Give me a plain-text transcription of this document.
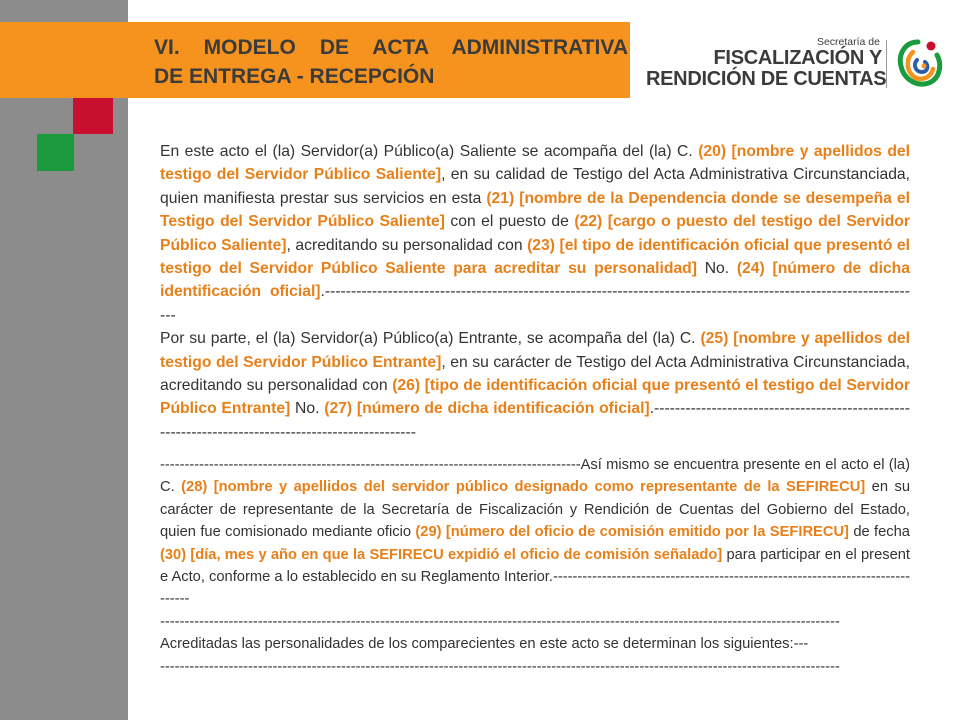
VI. MODELO DE ACTA ADMINISTRATIVA
DE ENTREGA - RECEPCIÓN

Secretaría de
FISCALIZACIÓN Y
RENDICIÓN DE CUENTAS

En este acto el (la) Servidor(a) Público(a) Saliente se acompaña del (la) C. (20) [nombre y apellidos del testigo del Servidor Público Saliente], en su calidad de Testigo del Acta Administrativa Circunstanciada, quien manifiesta prestar sus servicios en esta (21) [nombre de la Dependencia donde se desempeña el Testigo del Servidor Público Saliente] con el puesto de (22) [cargo o puesto del testigo del Servidor Público Saliente], acreditando su personalidad con (23) [el tipo de identificación oficial que presentó el testigo del Servidor Público Saliente para acreditar su personalidad] No. (24) [número de dicha identificación oficial].-------------------------------------------------------------------------------------------------------------------

Por su parte, el (la) Servidor(a) Público(a) Entrante, se acompaña del (la) C. (25) [nombre y apellidos del testigo del Servidor Público Entrante], en su carácter de Testigo del Acta Administrativa Circunstanciada, acreditando su personalidad con (26) [tipo de identificación oficial que presentó el testigo del Servidor Público Entrante] No. (27) [número de dicha identificación oficial].--------------------------------------------------------------------------------------------------

--------------------------------------------------------------------------------------Así mismo se encuentra presente en el acto el (la) C. (28) [nombre y apellidos del servidor público designado como representante de la SEFIRECU] en su carácter de representante de la Secretaría de Fiscalización y Rendición de Cuentas del Gobierno del Estado, quien fue comisionado mediante oficio (29) [número del oficio de comisión emitido por la SEFIRECU] de fecha (30) [día, mes y año en que la SEFIRECU expidió el oficio de comisión señalado] para participar en el presente Acto, conforme a lo establecido en su Reglamento Interior.-------------------------------------------------------------------------------

-------------------------------------------------------------------------------------------------------------------------------------------

Acreditadas las personalidades de los comparecientes en este acto se determinan los siguientes:---

-------------------------------------------------------------------------------------------------------------------------------------------
